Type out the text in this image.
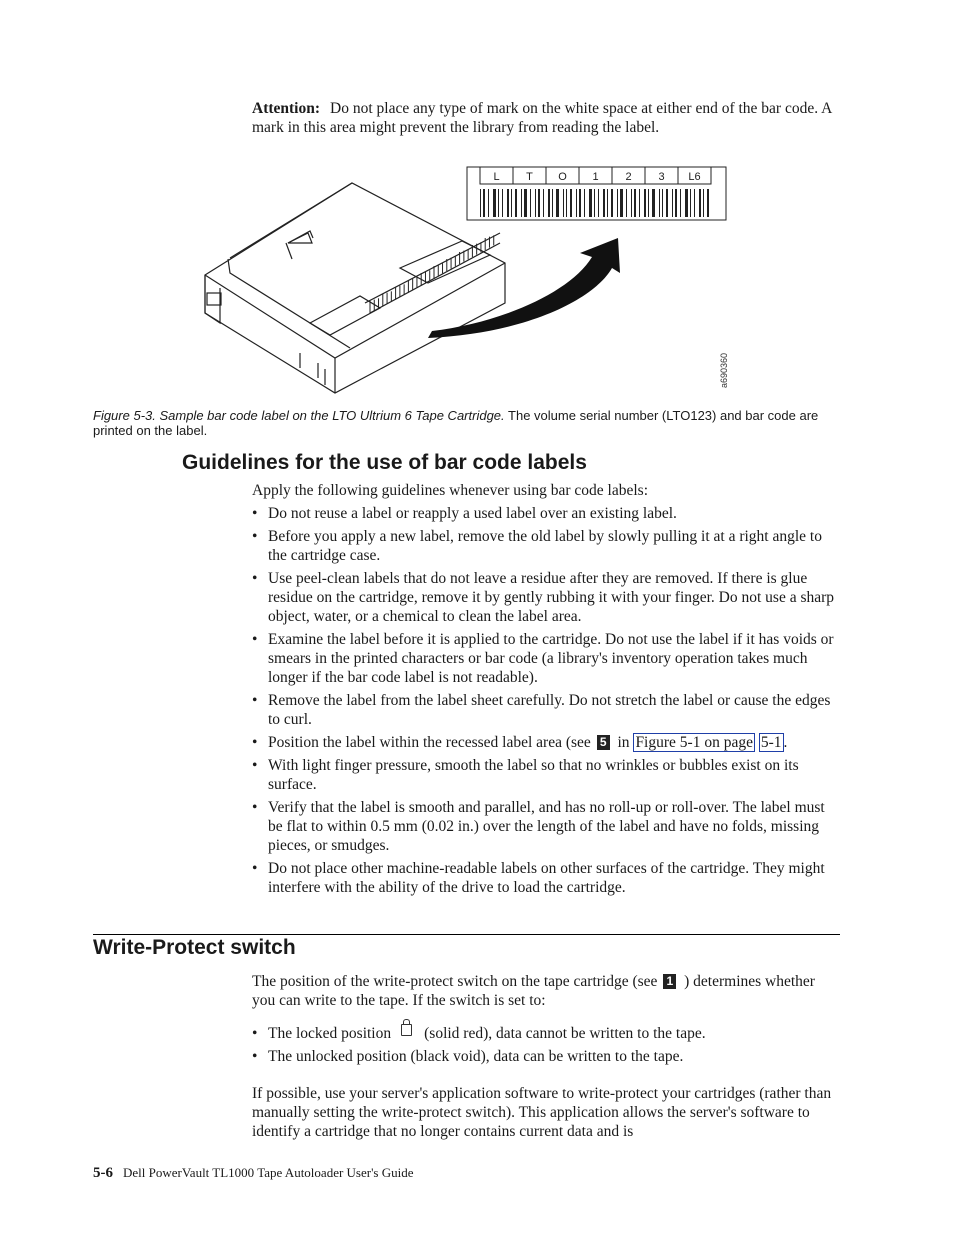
Attention: Do not place any type of mark on the white space at either end of the bar code. A mark in this area might prevent the library from reading the label.
L T O 1 2 3 L6
a690360
Figure 5-3. Sample bar code label on the LTO Ultrium 6 Tape Cartridge. The volume serial number (LTO123) and bar code are printed on the label.
Guidelines for the use of bar code labels
Apply the following guidelines whenever using bar code labels:
• Do not reuse a label or reapply a used label over an existing label.
• Before you apply a new label, remove the old label by slowly pulling it at a right angle to the cartridge case.
• Use peel-clean labels that do not leave a residue after they are removed. If there is glue residue on the cartridge, remove it by gently rubbing it with your finger. Do not use a sharp object, water, or a chemical to clean the label area.
• Examine the label before it is applied to the cartridge. Do not use the label if it has voids or smears in the printed characters or bar code (a library's inventory operation takes much longer if the bar code label is not readable).
• Remove the label from the label sheet carefully. Do not stretch the label or cause the edges to curl.
• Position the label within the recessed label area (see 5 in Figure 5-1 on page 5-1 .
• With light finger pressure, smooth the label so that no wrinkles or bubbles exist on its surface.
• Verify that the label is smooth and parallel, and has no roll-up or roll-over. The label must be flat to within 0.5 mm (0.02 in.) over the length of the label and have no folds, missing pieces, or smudges.
• Do not place other machine-readable labels on other surfaces of the cartridge. They might interfere with the ability of the drive to load the cartridge.
Write-Protect switch
The position of the write-protect switch on the tape cartridge (see 1 ) determines whether you can write to the tape. If the switch is set to:
• The locked position (solid red), data cannot be written to the tape.
• The unlocked position (black void), data can be written to the tape.
If possible, use your server's application software to write-protect your cartridges (rather than manually setting the write-protect switch). This application allows the server's software to identify a cartridge that no longer contains current data and is
5-6 Dell PowerVault TL1000 Tape Autoloader User's Guide
